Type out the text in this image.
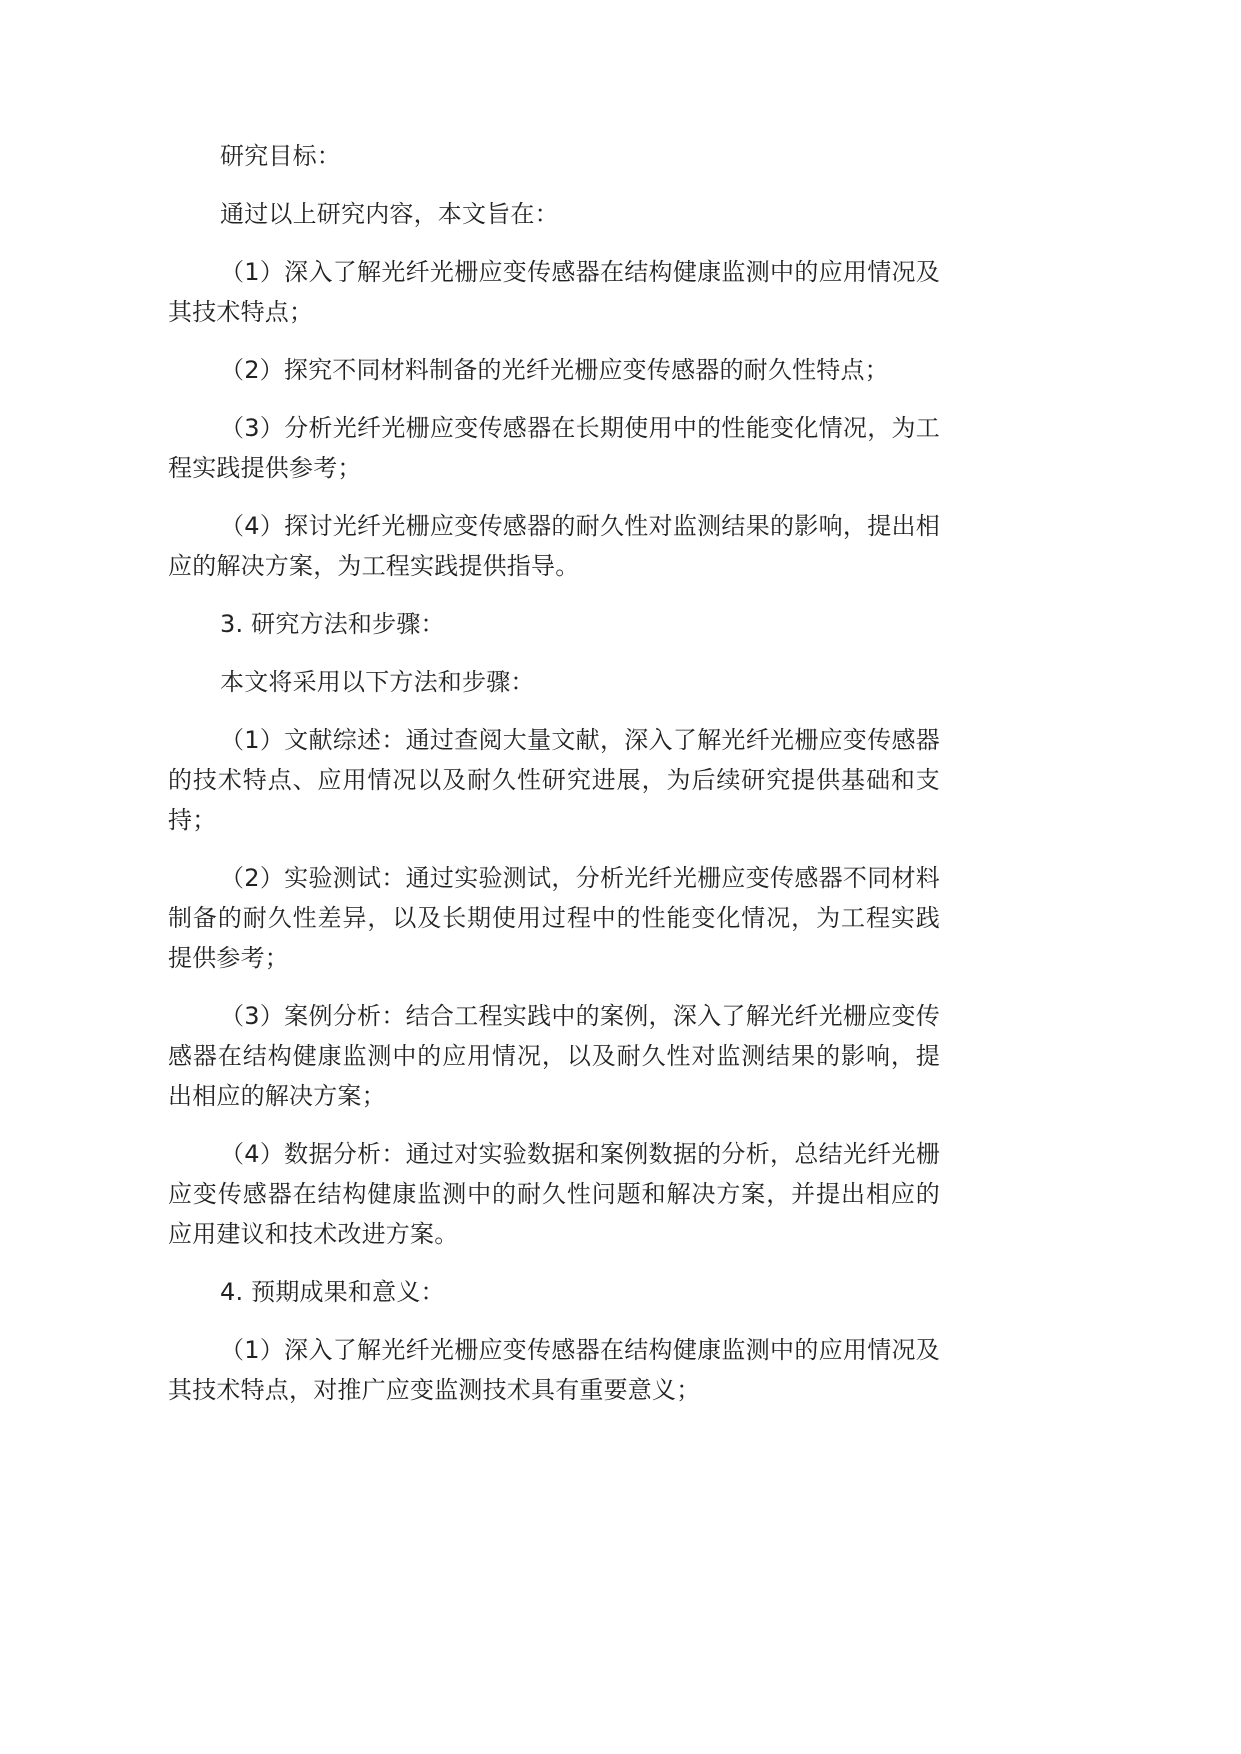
研究目标：

通过以上研究内容，本文旨在：

（1）深入了解光纤光栅应变传感器在结构健康监测中的应用情况及其技术特点；

（2）探究不同材料制备的光纤光栅应变传感器的耐久性特点；

（3）分析光纤光栅应变传感器在长期使用中的性能变化情况，为工程实践提供参考；

（4）探讨光纤光栅应变传感器的耐久性对监测结果的影响，提出相应的解决方案，为工程实践提供指导。

3. 研究方法和步骤：

本文将采用以下方法和步骤：

（1）文献综述：通过查阅大量文献，深入了解光纤光栅应变传感器的技术特点、应用情况以及耐久性研究进展，为后续研究提供基础和支持；

（2）实验测试：通过实验测试，分析光纤光栅应变传感器不同材料制备的耐久性差异，以及长期使用过程中的性能变化情况，为工程实践提供参考；

（3）案例分析：结合工程实践中的案例，深入了解光纤光栅应变传感器在结构健康监测中的应用情况，以及耐久性对监测结果的影响，提出相应的解决方案；

（4）数据分析：通过对实验数据和案例数据的分析，总结光纤光栅应变传感器在结构健康监测中的耐久性问题和解决方案，并提出相应的应用建议和技术改进方案。

4. 预期成果和意义：

（1）深入了解光纤光栅应变传感器在结构健康监测中的应用情况及其技术特点，对推广应变监测技术具有重要意义；
